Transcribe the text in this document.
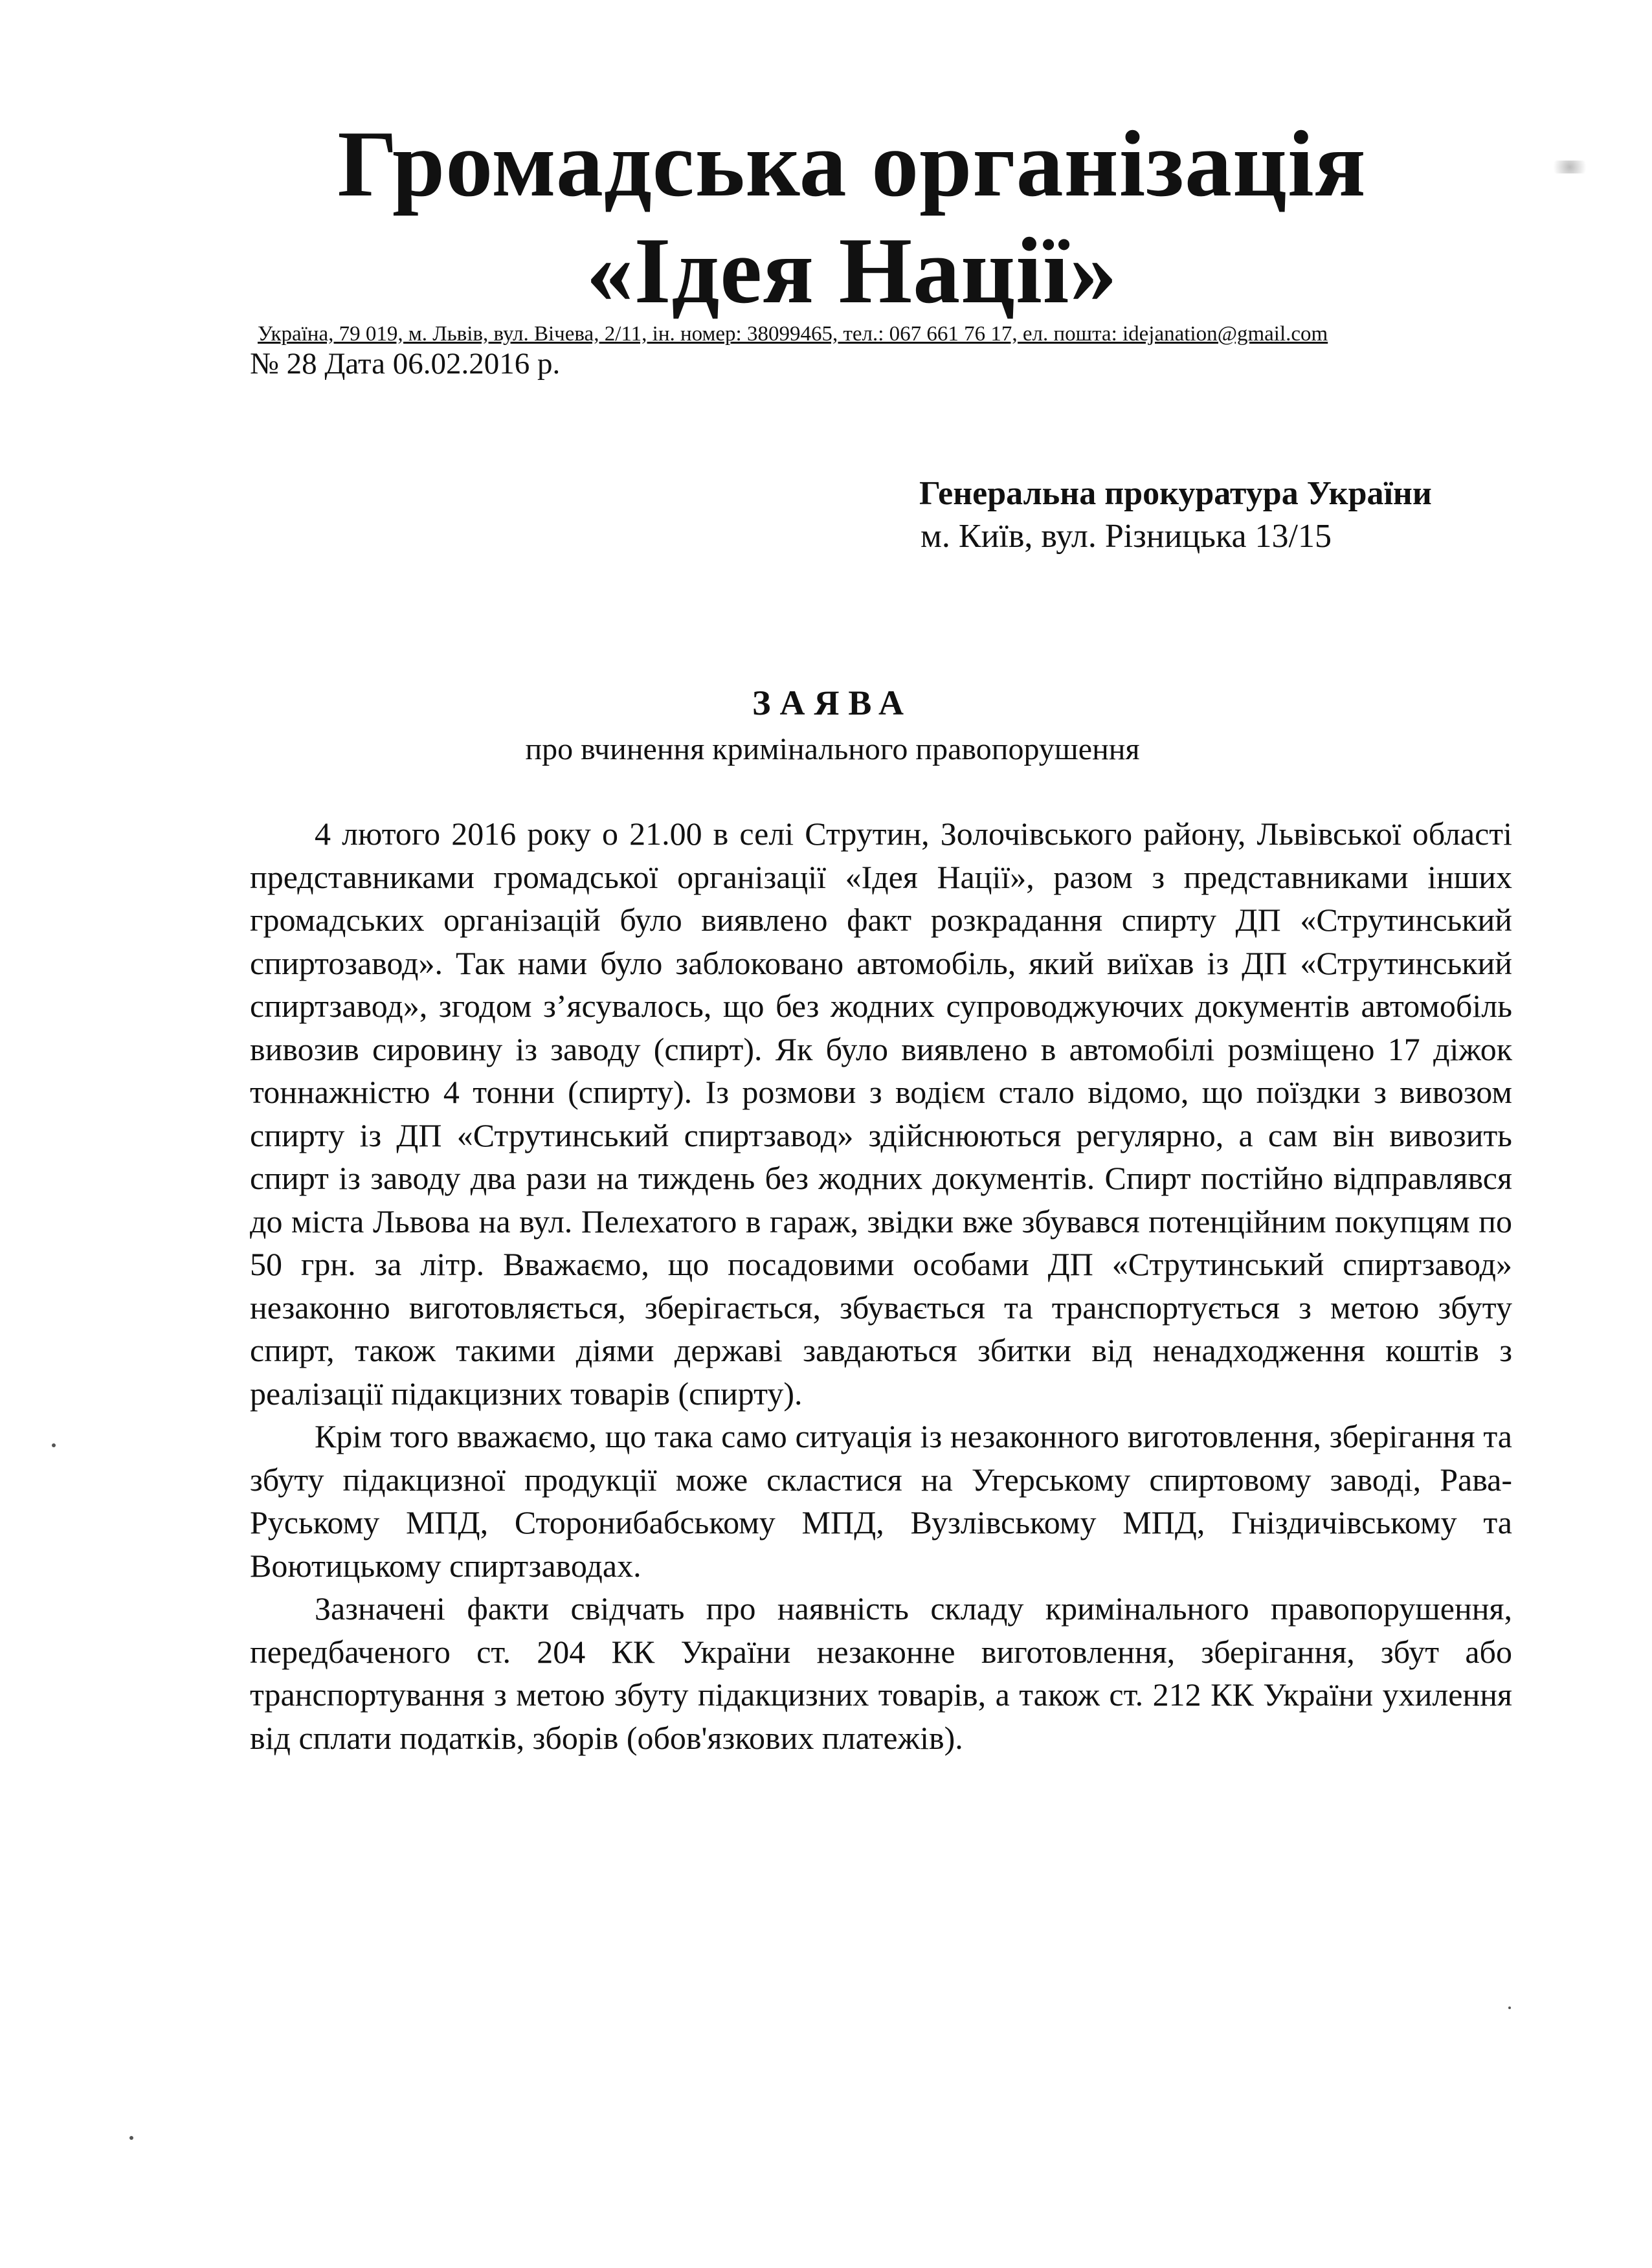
Громадська організація
«Ідея Нації»
Україна, 79 019, м. Львів, вул. Вічева, 2/11, ін. номер: 38099465, тел.: 067 661 76 17, ел. пошта: idejanation@gmail.com
№ 28 Дата 06.02.2016 р.
Генеральна прокуратура України
м. Київ, вул. Різницька 13/15
ЗАЯВА
про вчинення кримінального правопорушення

4 лютого 2016 року о 21.00 в селі Струтин, Золочівського району, Львівської області представниками громадської організації «Ідея Нації», разом з представниками інших громадських організацій було виявлено факт розкрадання спирту ДП «Струтинський спиртозавод». Так нами було заблоковано автомобіль, який виїхав із ДП «Струтинський спиртзавод», згодом з’ясувалось, що без жодних супроводжуючих документів автомобіль вивозив сировину із заводу (спирт). Як було виявлено в автомобілі розміщено 17 діжок тоннажністю 4 тонни (спирту). Із розмови з водієм стало відомо, що поїздки з вивозом спирту із ДП «Струтинський спиртзавод» здійснюються регулярно, а сам він вивозить спирт із заводу два рази на тиждень без жодних документів. Спирт постійно відправлявся до міста Львова на вул. Пелехатого в гараж, звідки вже збувався потенційним покупцям по 50 грн. за літр. Вважаємо, що посадовими особами ДП «Струтинський спиртзавод» незаконно виготовляється, зберігається, збувається та транспортується з метою збуту спирт, також такими діями державі завдаються збитки від ненадходження коштів з реалізації підакцизних товарів (спирту).

Крім того вважаємо, що така само ситуація із незаконного виготовлення, зберігання та збуту підакцизної продукції може скластися на Угерському спиртовому заводі, Рава-Руському МПД, Сторонибабському МПД, Вузлівському МПД, Гніздичівському та Воютицькому спиртзаводах.

Зазначені факти свідчать про наявність складу кримінального правопорушення, передбаченого ст. 204 КК України незаконне виготовлення, зберігання, збут або транспортування з метою збуту підакцизних товарів, а також ст. 212 КК України ухилення від сплати податків, зборів (обов'язкових платежів).
